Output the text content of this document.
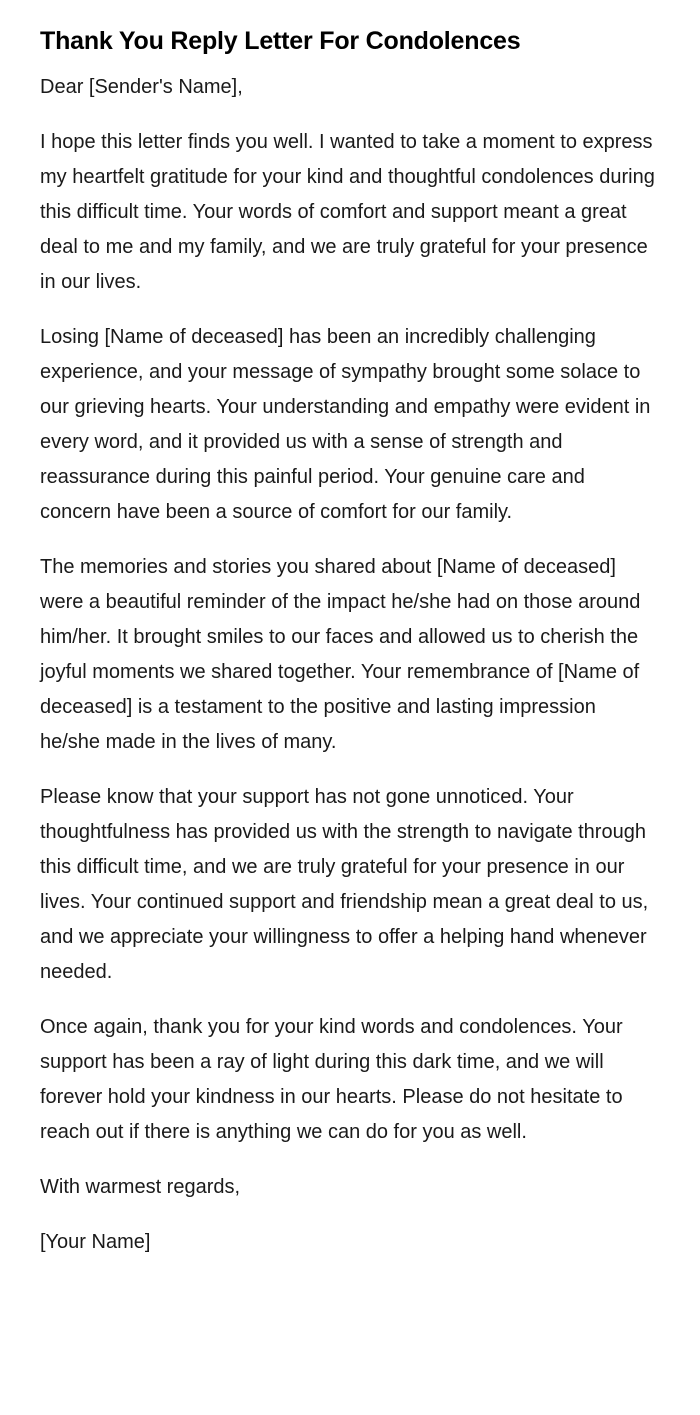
Thank You Reply Letter For Condolences

Dear [Sender's Name],

I hope this letter finds you well. I wanted to take a moment to express my heartfelt gratitude for your kind and thoughtful condolences during this difficult time. Your words of comfort and support meant a great deal to me and my family, and we are truly grateful for your presence in our lives.

Losing [Name of deceased] has been an incredibly challenging experience, and your message of sympathy brought some solace to our grieving hearts. Your understanding and empathy were evident in every word, and it provided us with a sense of strength and reassurance during this painful period. Your genuine care and concern have been a source of comfort for our family.

The memories and stories you shared about [Name of deceased] were a beautiful reminder of the impact he/she had on those around him/her. It brought smiles to our faces and allowed us to cherish the joyful moments we shared together. Your remembrance of [Name of deceased] is a testament to the positive and lasting impression he/she made in the lives of many.

Please know that your support has not gone unnoticed. Your thoughtfulness has provided us with the strength to navigate through this difficult time, and we are truly grateful for your presence in our lives. Your continued support and friendship mean a great deal to us, and we appreciate your willingness to offer a helping hand whenever needed.

Once again, thank you for your kind words and condolences. Your support has been a ray of light during this dark time, and we will forever hold your kindness in our hearts. Please do not hesitate to reach out if there is anything we can do for you as well.

With warmest regards,

[Your Name]
